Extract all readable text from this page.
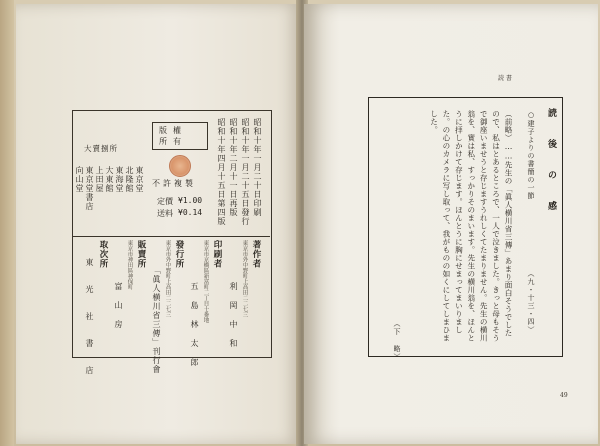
昭和十年一月二十日印刷
昭和十年一月二十五日發行
昭和十年二月十一日再版
昭和十年四月十五日第四版
版權
所有
不許複製
定價 ¥1.00
送料 ¥0.14
大賣捌所
東京堂
北隆館
東海堂
大東館
上田屋
東京堂書店
向山堂
著作者
東京市外中野町上高田二二七三
利 岡 中 和
印刷者
東京市京橋區新富町二丁目十番地
五 島 林 太 郎
發行所
東京市外中野町上高田二二七三
「眞人横川省三傳」刊行會
販賣所
東京市神田區神保町
富 山 房
取次所
東 光 社 書 店
読 書
読 後 の 感
○建子よりの書簡の一節
（九・十三・四）
（前略）……先生の「眞人横川省三傳」あまり面白そうでしたので、私はとあるところで、一人で泣きました。きっと母もそうで御座いませうと存じますうれしくてたまりません。先生の横川翁を、實は私、すっかりそのまいます。先生の横川翁を、ほんとうに拝しかけて存じます。ほんとうに胸にせまってまいりました。の心のカメラに写し取って、我がものの如くにしてしまひました。
（下 略）
49
